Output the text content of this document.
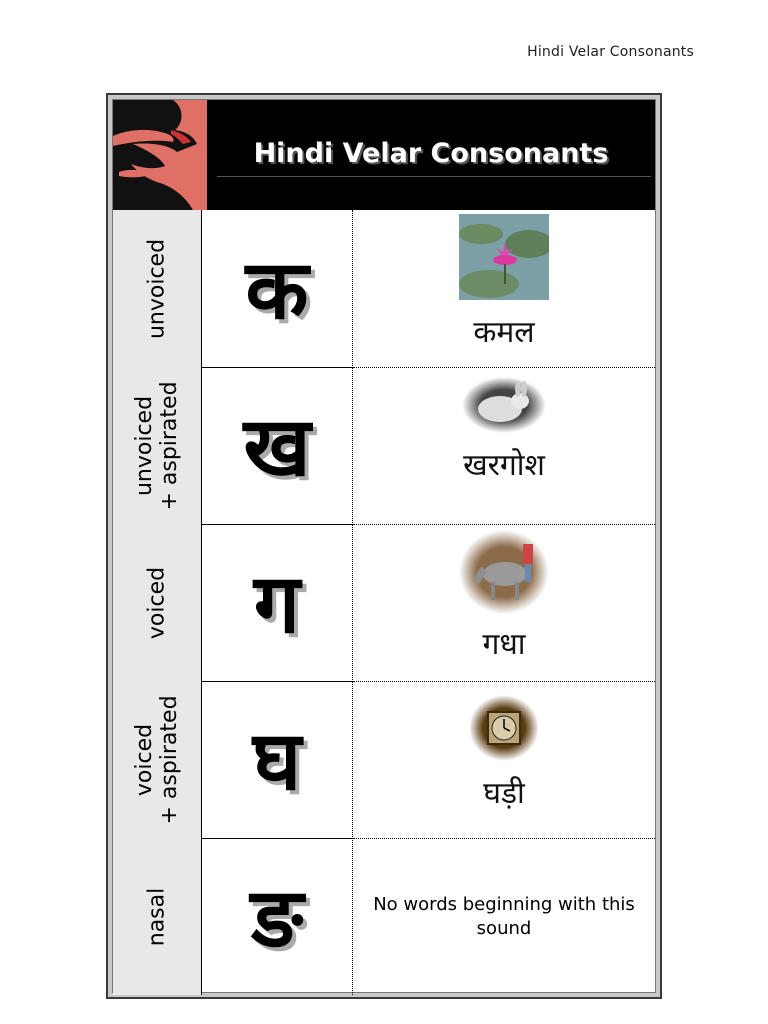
Hindi Velar Consonants
Hindi Velar Consonants
unvoiced क	कमल
unvoiced + aspirated ख	खरगोश
voiced	ग	गधा
voiced + aspirated घ	घड़ी
nasal ङ	No words beginning with this sound
